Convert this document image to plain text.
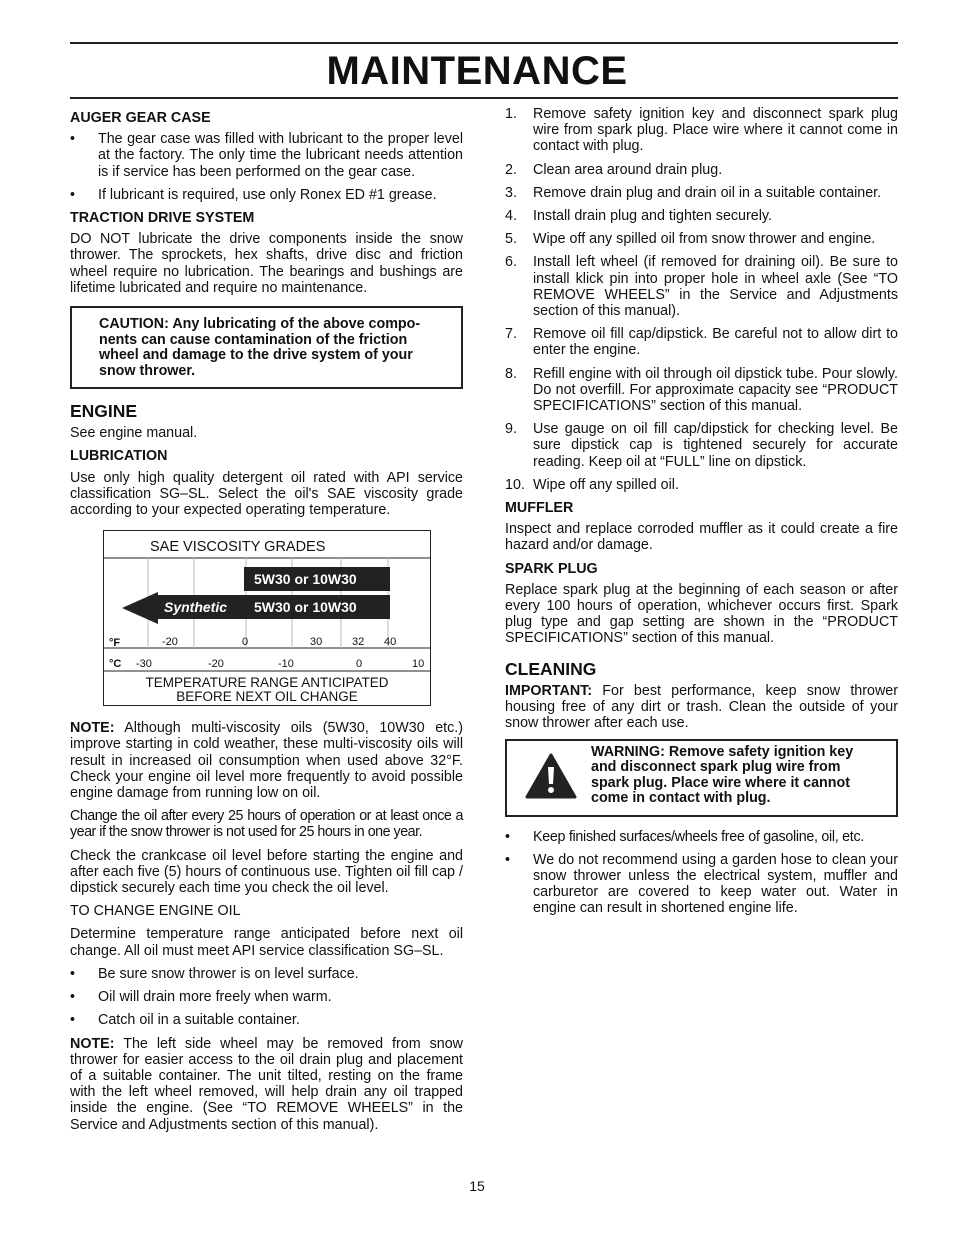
MAINTENANCE
AUGER GEAR CASE
• The gear case was filled with lubricant to the proper level at the factory. The only time the lubricant needs attention is if service has been performed on the gear case.
• If lubricant is required, use only Ronex ED #1 grease.
TRACTION DRIVE SYSTEM

DO NOT lubricate the drive components inside the snow thrower. The sprockets, hex shafts, drive disc and friction wheel require no lubrication. The bearings and bushings are lifetime lubricated and require no maintenance.

CAUTION: Any lubricating of the above components can cause contamination of the friction wheel and damage to the drive system of your snow thrower.
ENGINE

See engine manual.

LUBRICATION

Use only high quality detergent oil rated with API service classification SG–SL. Select the oil's SAE viscosity grade according to your expected operating temperature.

SAE VISCOSITY GRADES
5W30 or 10W30
Synthetic 5W30 or 10W30
°F	-20	0	30	32 40
°C -30	-20	-10	0	10
TEMPERATURE RANGE ANTICIPATED
BEFORE NEXT OIL CHANGE

NOTE: Although multi-viscosity oils (5W30, 10W30 etc.) improve starting in cold weather, these multi-viscosity oils will result in increased oil consumption when used above 32°F. Check your engine oil level more frequently to avoid possible engine damage from running low on oil.

Change the oil after every 25 hours of operation or at least once a year if the snow thrower is not used for 25 hours in one year.

Check the crankcase oil level before starting the engine and after each five (5) hours of continuous use. Tighten oil fill cap / dipstick securely each time you check the oil level.

TO CHANGE ENGINE OIL

Determine temperature range anticipated before next oil change. All oil must meet API service classification SG–SL.

• Be sure snow thrower is on level surface.
• Oil will drain more freely when warm.
• Catch oil in a suitable container.

NOTE: The left side wheel may be removed from snow thrower for easier access to the oil drain plug and placement of a suitable container. The unit tilted, resting on the frame with the left wheel removed, will help drain any oil trapped inside the engine. (See “TO REMOVE WHEELS” in the Service and Adjustments section of this manual).

1. Remove safety ignition key and disconnect spark plug wire from spark plug. Place wire where it cannot come in contact with plug.
2. Clean area around drain plug.
3. Remove drain plug and drain oil in a suitable container.
4. Install drain plug and tighten securely.
5. Wipe off any spilled oil from snow thrower and engine.
6. Install left wheel (if removed for draining oil). Be sure to install klick pin into proper hole in wheel axle (See “TO REMOVE WHEELS” in the Service and Adjustments section of this manual).
7. Remove oil fill cap/dipstick. Be careful not to allow dirt to enter the engine.
8. Refill engine with oil through oil dipstick tube. Pour slowly. Do not overfill. For approximate capacity see “PRODUCT SPECIFICATIONS” section of this manual.
9. Use gauge on oil fill cap/dipstick for checking level. Be sure dipstick cap is tightened securely for accurate reading. Keep oil at “FULL” line on dipstick.
10. Wipe off any spilled oil.
MUFFLER

Inspect and replace corroded muffler as it could create a fire hazard and/or damage.

SPARK PLUG

Replace spark plug at the beginning of each season or after every 100 hours of operation, whichever occurs first. Spark plug type and gap setting are shown in the “PRODUCT SPECIFICATIONS” section of this manual.

CLEANING

IMPORTANT: For best performance, keep snow thrower housing free of any dirt or trash. Clean the outside of your snow thrower after each use.

WARNING: Remove safety ignition key and disconnect spark plug wire from spark plug. Place wire where it cannot come in contact with plug.
• Keep finished surfaces/wheels free of gasoline, oil, etc.
• We do not recommend using a garden hose to clean your snow thrower unless the electrical system, muffler and carburetor are covered to keep water out. Water in engine can result in shortened engine life.
15
